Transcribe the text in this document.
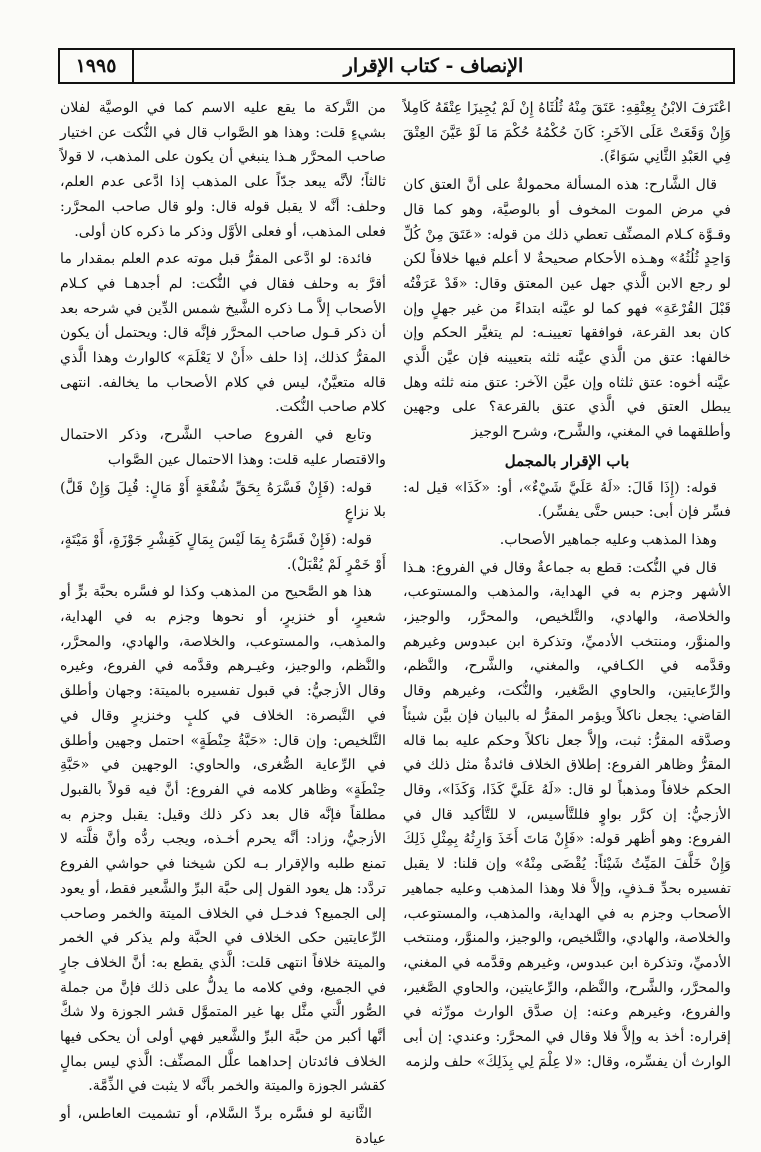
١٩٩٥	الإنصاف - كتاب الإقرار

اعْتَرَفَ الابْنُ بِعِتْقِهِ: عَتَقَ مِنْهُ ثُلُثَاهُ إِنْ لَمْ يُجِيزَا عِتْقَهُ كَامِلاً وَإِنْ وَقَعَتْ عَلَى الآخَرِ: كَانَ حُكْمُهُ حُكْمَ مَا لَوْ عَيَّنَ العِتْقَ فِي العَبْدِ الثَّانِي سَوَاءً).

قال الشَّارح: هذه المسألة محمولةٌ على أنَّ العتق كان في مرض الموت المخوف أو بالوصيَّة، وهو كما قال وقـوَّة كـلام المصنِّف تعطي ذلك من قوله: «عَتَقَ مِنْ كُلِّ وَاحِدٍ ثُلُثُهُ» وهـذه الأحكام صحيحةٌ لا أعلم فيها خلافاً لكن لو رجع الابن الَّذي جهل عين المعتق وقال: «قَدْ عَرَفْتُه قَبْلَ القُرْعَةِ» فهو كما لو عيَّنه ابتداءً من غير جهلٍ وإن كان بعد القرعة، فوافقها تعيينـه: لم يتغيَّر الحكم وإن خالفها: عتق من الَّذي عيَّنه ثلثه بتعيينه فإن عيَّن الَّذي عيَّنه أخوه: عتق ثلثاه وإن عيَّن الآخر: عتق منه ثلثه وهل يبطل العتق في الَّذي عتق بالقرعة؟ على وجهين وأطلقهما في المغني، والشَّرح، وشرح الوجيز

باب الإقرار بالمجمل

قوله: (إِذَا قَالَ: «لَهُ عَلَيَّ شَيْءٌ»، أو: «كَذَا» قيل له: فسِّر فإن أبى: حبس حتَّى يفسِّر).

وهذا المذهب وعليه جماهير الأصحاب.

قال في النُّكت: قطع به جماعةٌ وقال في الفروع: هـذا الأشهر وجزم به في الهداية، والمذهب والمستوعب، والخلاصة، والهادي، والتَّلخيص، والمحرَّر، والوجيز، والمنوَّر، ومنتخب الأدميِّ، وتذكرة ابن عبدوس وغيرهم وقدَّمه في الكـافي، والمغني، والشَّرح، والنَّظم، والرِّعايتين، والحاوي الصَّغير، والنُّكت، وغيرهم وقال القاضي: يجعل ناكلاً ويؤمر المقرُّ له بالبيان فإن بيَّن شيئاً وصدَّقه المقرُّ: ثبت، وإلاَّ جعل ناكلاً وحكم عليه بما قاله المقرُّ وظاهر الفروع: إطلاق الخلاف فائدةٌ مثل ذلك في الحكم خلافاً ومذهباً لو قال: «لَهُ عَلَيَّ كَذَا، وَكَذَا»، وقال الأزجيُّ: إن كرَّر بواوٍ فللتَّأسيس، لا للتَّأكيد قال في الفروع: وهو أظهر قوله: «فَإِنْ مَاتَ أَخَذَ وَارِثُهُ بِمِثْلِ ذَلِكَ وَإِنْ خَلَّفَ المَيِّتُ شَيْئاً: يُقْضَى مِنْهُ» وإن قلنا: لا يقبل تفسيره بحدِّ قـذفٍ، وإلاَّ فلا وهذا المذهب وعليه جماهير الأصحاب وجزم به في الهداية، والمذهب، والمستوعب، والخلاصة، والهادي، والتَّلخيص، والوجيز، والمنوَّر، ومنتخب الأدميِّ، وتذكرة ابن عبدوس، وغيرهم وقدَّمه في المغني، والمحرَّر، والشَّرح، والنَّظم، والرِّعايتين، والحاوي الصَّغير، والفروع، وغيرهم وعنه: إن صدَّق الوارث مورِّثه في إقراره: أخذ به وإلاَّ فلا وقال في المحرَّر: وعندي: إن أبى الوارث أن يفسِّره، وقال: «لا عِلْمَ لِي بِذَلِكَ» حلف ولزمه

من التَّركة ما يقع عليه الاسم كما في الوصيَّة لفلان بشيءٍ قلت: وهذا هو الصَّواب قال في النُّكت عن اختيار صاحب المحرَّر هـذا ينبغي أن يكون على المذهب، لا قولاً ثالثاً؛ لأنَّه يبعد جدّاً على المذهب إذا ادَّعى عدم العلم، وحلف: أنَّه لا يقبل قوله قال: ولو قال صاحب المحرَّر: فعلى المذهب، أو فعلى الأوَّل وذكر ما ذكره كان أولى.

فائدة: لو ادَّعى المقرُّ قبل موته عدم العلم بمقدار ما أقرَّ به وحلف فقال في النُّكت: لم أجدهـا في كـلام الأصحاب إلاَّ مـا ذكره الشَّيخ شمس الدِّين في شرحه بعد أن ذكر قـول صاحب المحرَّر فإنَّه قال: ويحتمل أن يكون المقرُّ كذلك، إذا حلف «أَنْ لا يَعْلَمَ» كالوارث وهذا الَّذي قاله متعيَّنٌ، ليس في كلام الأصحاب ما يخالفه. انتهى كلام صاحب النُّكت.

وتابع في الفروع صاحب الشَّرح، وذكر الاحتمال والاقتصار عليه قلت: وهذا الاحتمال عين الصَّواب

قوله: (فَإِنْ فَسَّرَهُ بِحَقِّ شُفْعَةٍ أَوْ مَالٍ: قُبِلَ وَإِنْ قَلَّ) بلا نزاعٍ

قوله: (فَإِنْ فَسَّرَهُ بِمَا لَيْسَ بِمَالٍ كَقِشْرِ جَوْزَةٍ، أَوْ مَيْتَةٍ، أَوْ خَمْرٍ لَمْ يُقْبَلْ).

هذا هو الصَّحيح من المذهب وكذا لو فسَّره بحبَّة برٍّ أو شعيرٍ، أو خنزيرٍ، أو نحوها وجزم به في الهداية، والمذهب، والمستوعب، والخلاصة، والهادي، والمحرَّر، والنَّظم، والوجيز، وغيـرهم وقدَّمه في الفروع، وغيره وقال الأزجيُّ: في قبول تفسيره بالميتة: وجهان وأطلق في التَّبصرة: الخلاف في كلبٍ وخنزيرٍ وقال في التَّلخيص: وإن قال: «حَبَّةُ حِنْطَةٍ» احتمل وجهين وأطلق في الرِّعاية الصُّغرى، والحاوي: الوجهين في «حَبَّةِ حِنْطَةٍ» وظاهر كلامه في الفروع: أنَّ فيه قولاً بالقبول مطلقاً فإنَّه قال بعد ذكر ذلك وقيل: يقبل وجزم به الأزجيُّ، وزاد: أنَّه يحرم أخـذه، ويجب ردُّه وأنَّ قلَّته لا تمنع طلبه والإقرار بـه لكن شيخنا في حواشي الفروع تردَّد: هل يعود القول إلى حبَّة البرِّ والشَّعير فقط، أو يعود إلى الجميع؟ فدخـل في الخلاف الميتة والخمر وصاحب الرِّعايتين حكى الخلاف في الحبَّة ولم يذكر في الخمر والميتة خلافاً انتهى قلت: الَّذي يقطع به: أنَّ الخلاف جارٍ في الجميع، وفي كلامه ما يدلُّ على ذلك فإنَّ من جملة الصُّور الَّتي مثَّل بها غير المتموَّل قشر الجوزة ولا شكَّ أنَّها أكبر من حبَّة البرِّ والشَّعير فهي أولى أن يحكى فيها الخلاف فائدتان إحداهما علَّل المصنِّف: الَّذي ليس بمالٍ كقشر الجوزة والميتة والخمر بأنَّه لا يثبت في الذِّمَّة.

الثَّانية لو فسَّره بردِّ السَّلام، أو تشميت العاطس، أو عيادة
